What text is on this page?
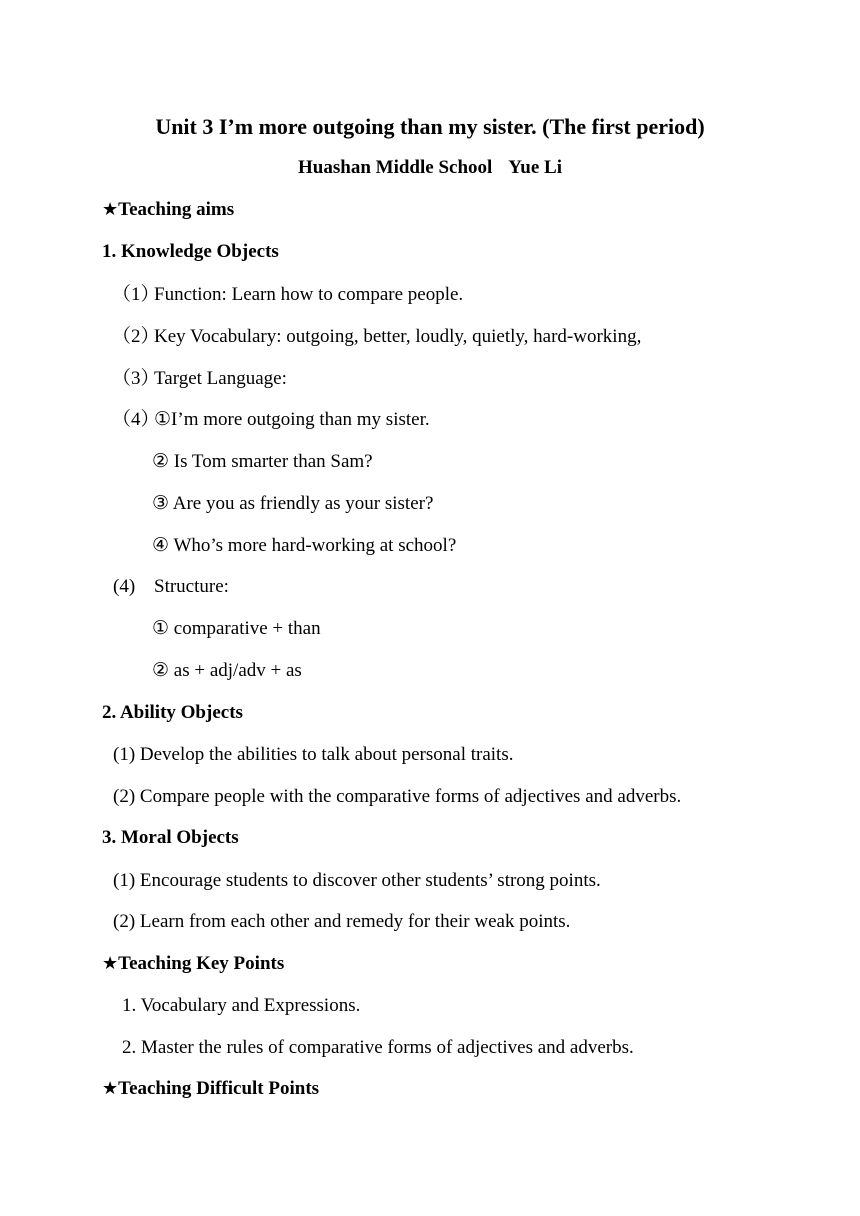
Unit 3 I’m more outgoing than my sister. (The first period)
Huashan Middle School Yue Li
★Teaching aims
1. Knowledge Objects
（1）
Function: Learn how to compare people.
（2）
Key Vocabulary: outgoing, better, loudly, quietly, hard-working,
（3）
Target Language:
（4）
①I’m more outgoing than my sister.
② Is Tom smarter than Sam?
③ Are you as friendly as your sister?
④ Who’s more hard-working at school?
(4) Structure:
① comparative + than
② as + adj/adv + as
2. Ability Objects
(1) Develop the abilities to talk about personal traits.
(2) Compare people with the comparative forms of adjectives and adverbs.
3. Moral Objects
(1) Encourage students to discover other students’ strong points.
(2) Learn from each other and remedy for their weak points.
★Teaching Key Points
1. Vocabulary and Expressions.
2. Master the rules of comparative forms of adjectives and adverbs.
★Teaching Difficult Points
